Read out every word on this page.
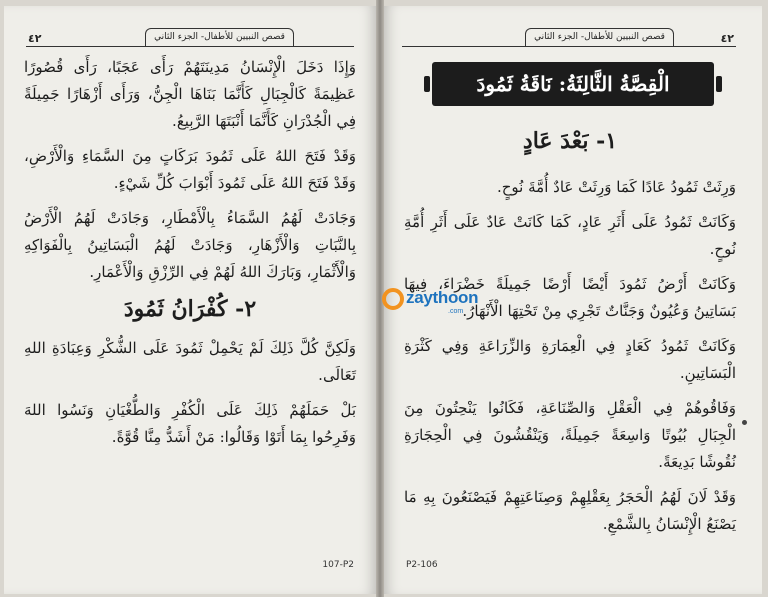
٤٢	قصص النبيين للأطفال- الجزء الثاني

وَإِذَا دَخَلَ الْإِنْسَانُ مَدِينَتَهُمْ رَأَى عَجَبًا، رَأَى قُصُورًا عَظِيمَةً كَالْجِبَالِ كَأَنَّمَا بَنَاهَا الْجِنُّ، وَرَأَى أَزْهَارًا جَمِيلَةً فِي الْجُدْرَانِ كَأَنَّمَا أَنْبَتَهَا الرَّبِيعُ.

وَقَدْ فَتَحَ اللهُ عَلَى ثَمُودَ بَرَكَاتٍ مِنَ السَّمَاءِ وَالْأَرْضِ، وَقَدْ فَتَحَ اللهُ عَلَى ثَمُودَ أَبْوَابَ كُلِّ شَيْءٍ.

وَجَادَتْ لَهُمُ السَّمَاءُ بِالْأَمْطَارِ، وَجَادَتْ لَهُمُ الْأَرْضُ بِالنَّبَاتِ وَالْأَزْهَارِ، وَجَادَتْ لَهُمُ الْبَسَاتِينُ بِالْفَوَاكِهِ وَالْأَثْمَارِ، وَبَارَكَ اللهُ لَهُمْ فِي الرِّزْقِ وَالْأَعْمَارِ.

٢- كُفْرَانُ ثَمُودَ

وَلَكِنَّ كُلَّ ذَلِكَ لَمْ يَحْمِلْ ثَمُودَ عَلَى الشُّكْرِ وَعِبَادَةِ اللهِ تَعَالَى.

بَلْ حَمَلَهُمْ ذَلِكَ عَلَى الْكُفْرِ وَالطُّغْيَانِ وَنَسُوا اللهَ وَفَرِحُوا بِمَا أَتَوْا وَقَالُوا: مَنْ أَشَدُّ مِنَّا قُوَّةً.

107-P2
٤٢
قصص النبيين للأطفال- الجزء الثاني
الْقِصَّةُ الثَّالِثَةُ: نَاقَةُ ثَمُودَ
١- بَعْدَ عَادٍ

وَرِثَتْ ثَمُودُ عَادًا كَمَا وَرِثَتْ عَادٌ أُمَّةَ نُوحٍ.

وَكَانَتْ ثَمُودُ عَلَى أَثَرِ عَادٍ، كَمَا كَانَتْ عَادٌ عَلَى أَثَرِ أُمَّةِ نُوحٍ.

وَكَانَتْ أَرْضُ ثَمُودَ أَيْضًا أَرْضًا جَمِيلَةً خَضْرَاءَ، فِيهَا بَسَاتِينُ وَعُيُونٌ وَجَنَّاتٌ تَجْرِي مِنْ تَحْتِهَا الْأَنْهَارُ.

وَكَانَتْ ثَمُودُ كَعَادٍ فِي الْعِمَارَةِ وَالزِّرَاعَةِ وَفِي كَثْرَةِ الْبَسَاتِينِ.

وَفَاقُوهُمْ فِي الْعَقْلِ وَالصِّنَاعَةِ، فَكَانُوا يَنْحِتُونَ مِنَ الْجِبَالِ بُيُوتًا وَاسِعَةً جَمِيلَةً، وَيَنْقُشُونَ فِي الْحِجَارَةِ نُقُوشًا بَدِيعَةً.

وَقَدْ لَانَ لَهُمُ الْحَجَرُ بِعَقْلِهِمْ وَصِنَاعَتِهِمْ فَيَصْنَعُونَ بِهِ مَا يَصْنَعُ الْإِنْسَانُ بِالشَّمْعِ.

P2-106
zaythoon
.com
